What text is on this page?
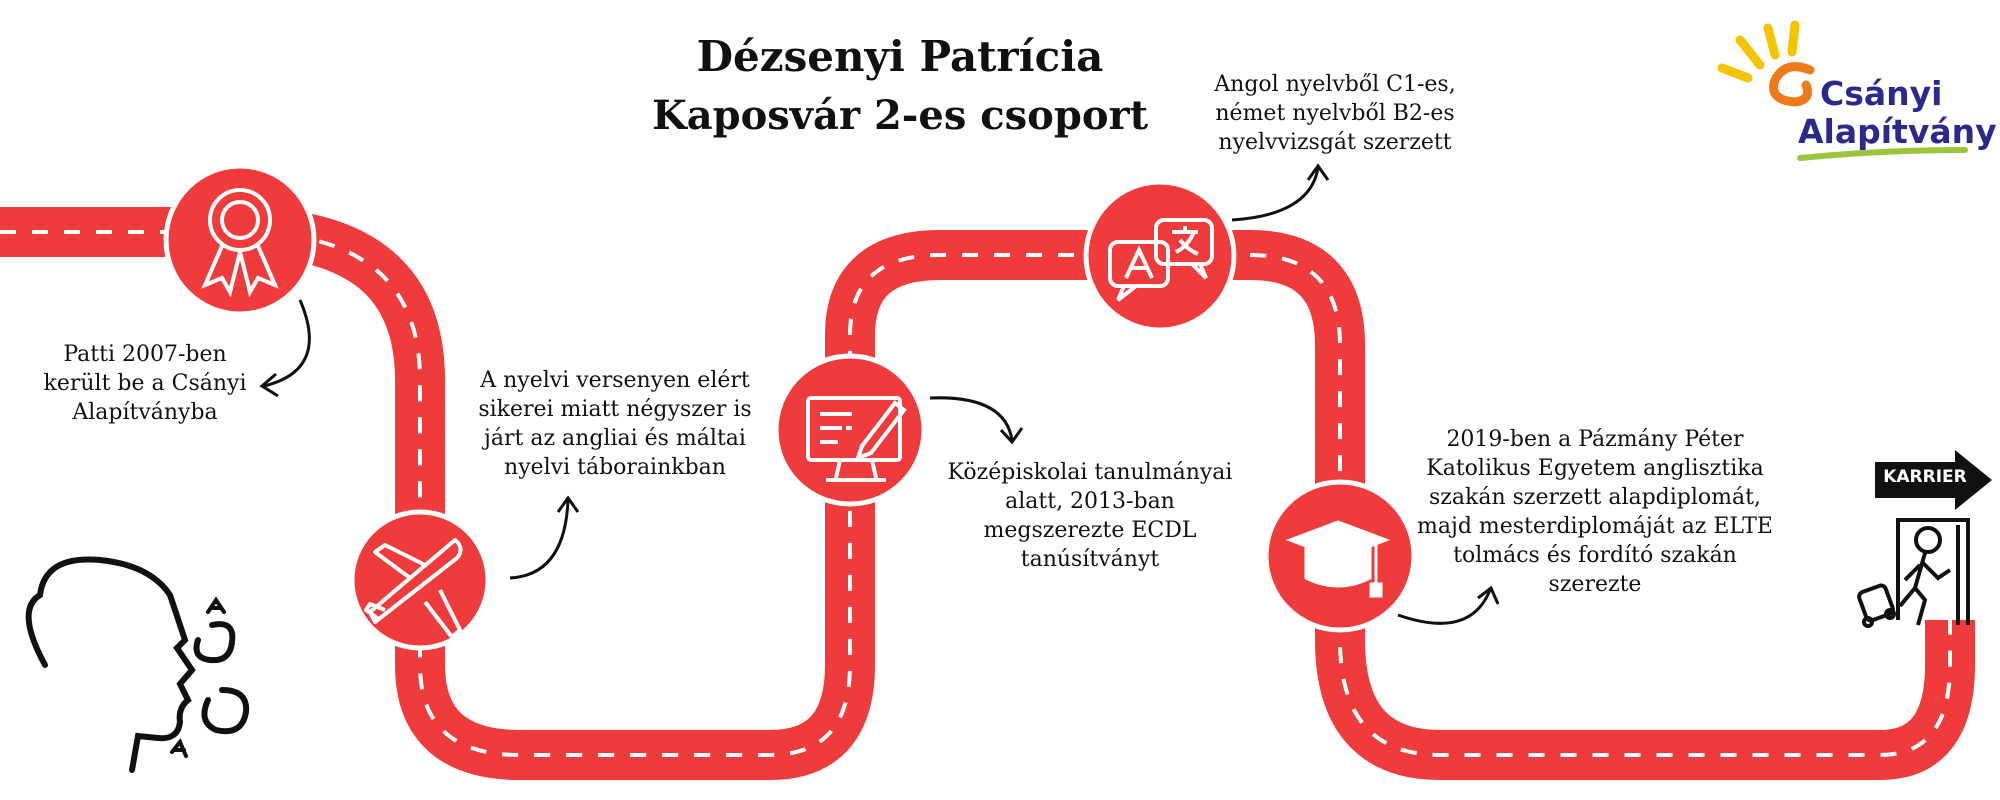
Dézsenyi Patrícia
Kaposvár 2-es csoport	Csányi
Alapítvány
Patti 2007-ben
került be a Csányi
Alapítványba
A nyelvi versenyen elért
sikerei miatt négyszer is
járt az angliai és máltai
nyelvi táborainkban	Középiskolai tanulmányai
alatt, 2013-ban
megszerezte ECDL
tanúsítványt
Angol nyelvből C1-es,
német nyelvből B2-es
nyelvvizsgát szerzett
2019-ben a Pázmány Péter
Katolikus Egyetem anglisztika
szakán szerzett alapdiplomát,
majd mesterdiplomáját az ELTE
tolmács és fordító szakán
szerezte
KARRIER
